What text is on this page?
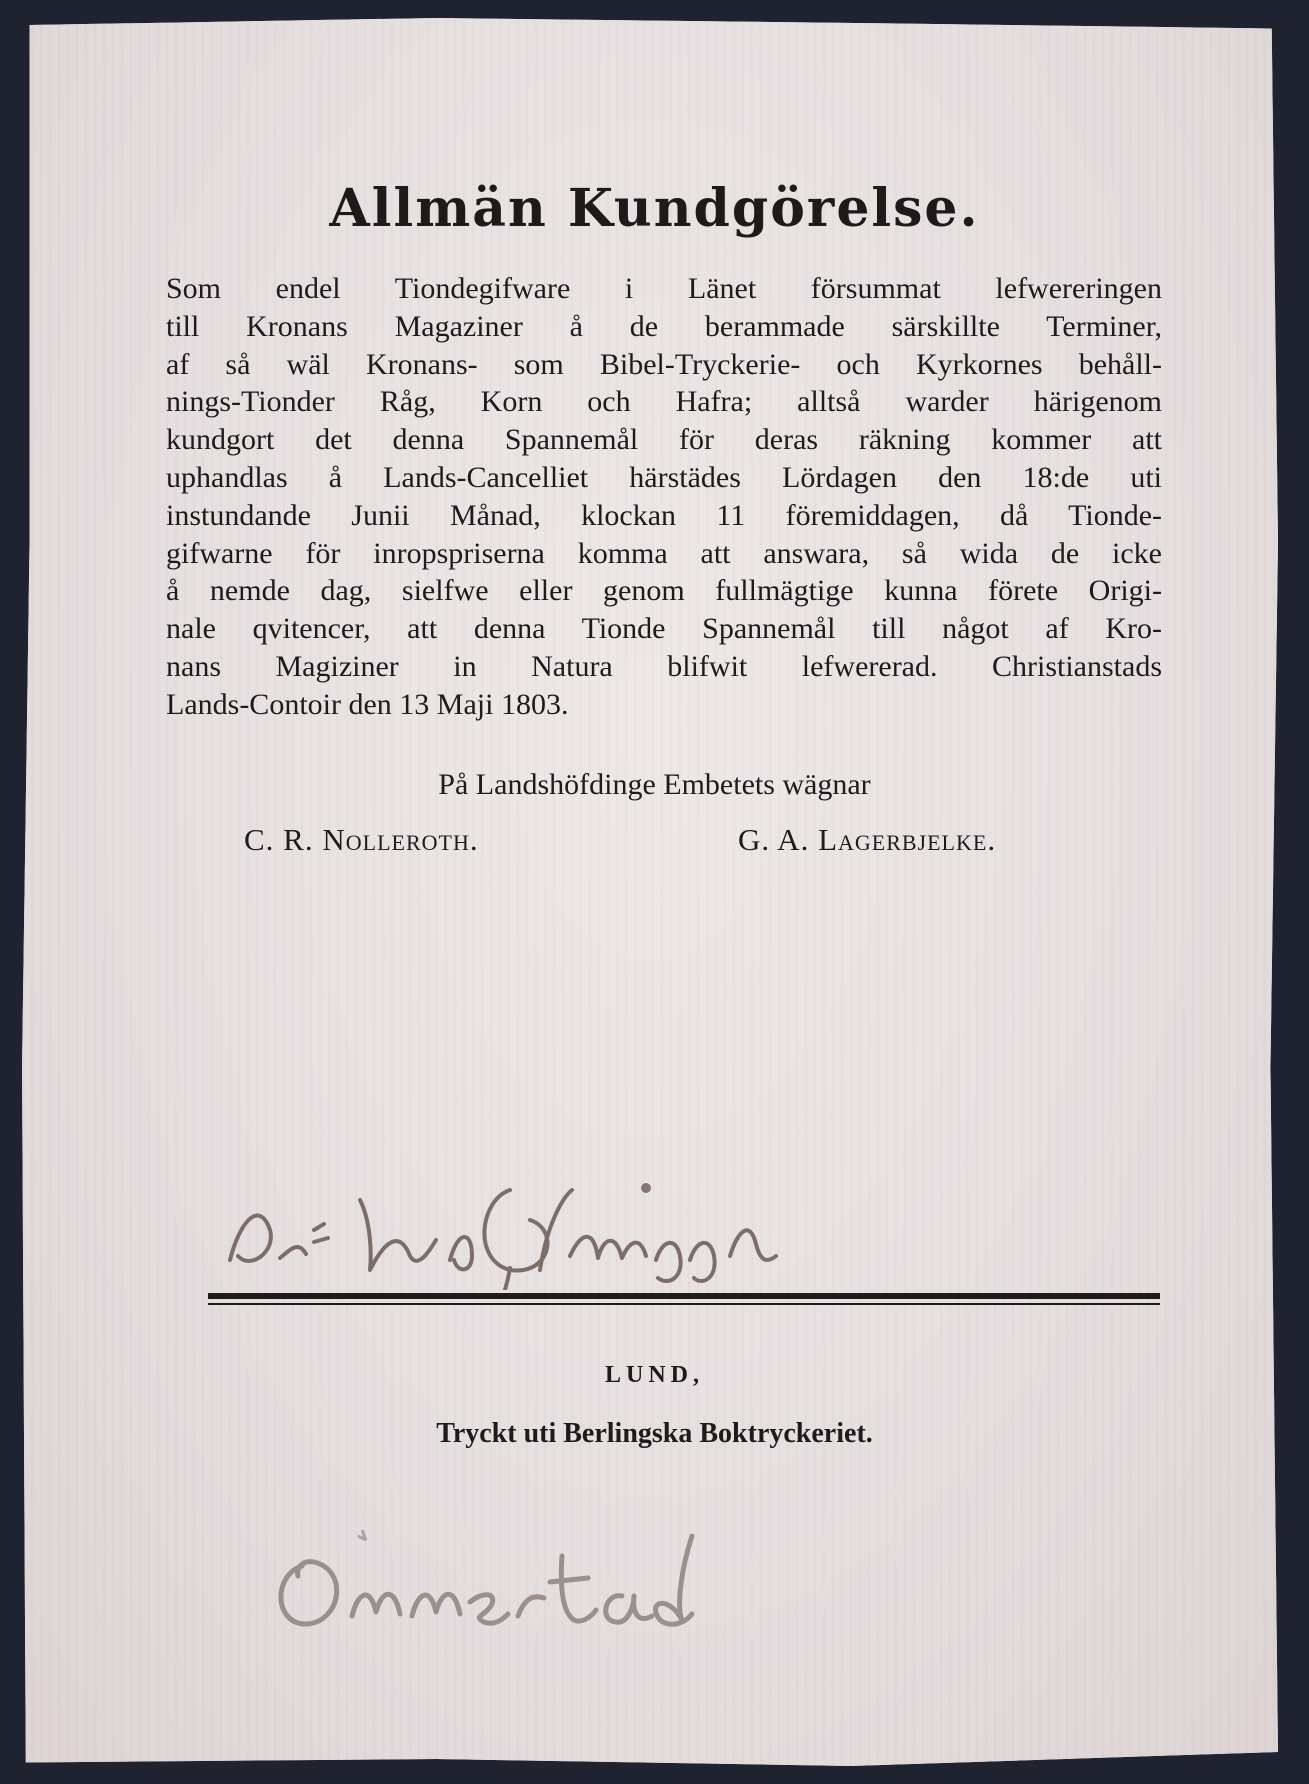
Allmän Kundgörelse.
Som endel Tiondegifware i Länet försummat lefwereringen
till Kronans Magaziner å de berammade särskillte Terminer,
af så wäl Kronans- som Bibel-Tryckerie- och Kyrkornes behåll-
nings-Tionder Råg, Korn och Hafra; alltså warder härigenom
kundgort det denna Spannemål för deras räkning kommer att
uphandlas å Lands-Cancelliet härstädes Lördagen den 18:de uti
instundande Junii Månad, klockan 11 föremiddagen, då Tionde-
gifwarne för inropspriserna komma att answara, så wida de icke
å nemde dag, sielfwe eller genom fullmägtige kunna förete Origi-
nale qvitencer, att denna Tionde Spannemål till något af Kro-
nans Magiziner in Natura blifwit lefwererad. Christianstads
Lands-Contoir den 13 Maji 1803.
På Landshöfdinge Embetets wägnar
C. R. Nolleroth.	G. A. Lagerbjelke.
LUND,
Tryckt uti Berlingska Boktryckeriet.
